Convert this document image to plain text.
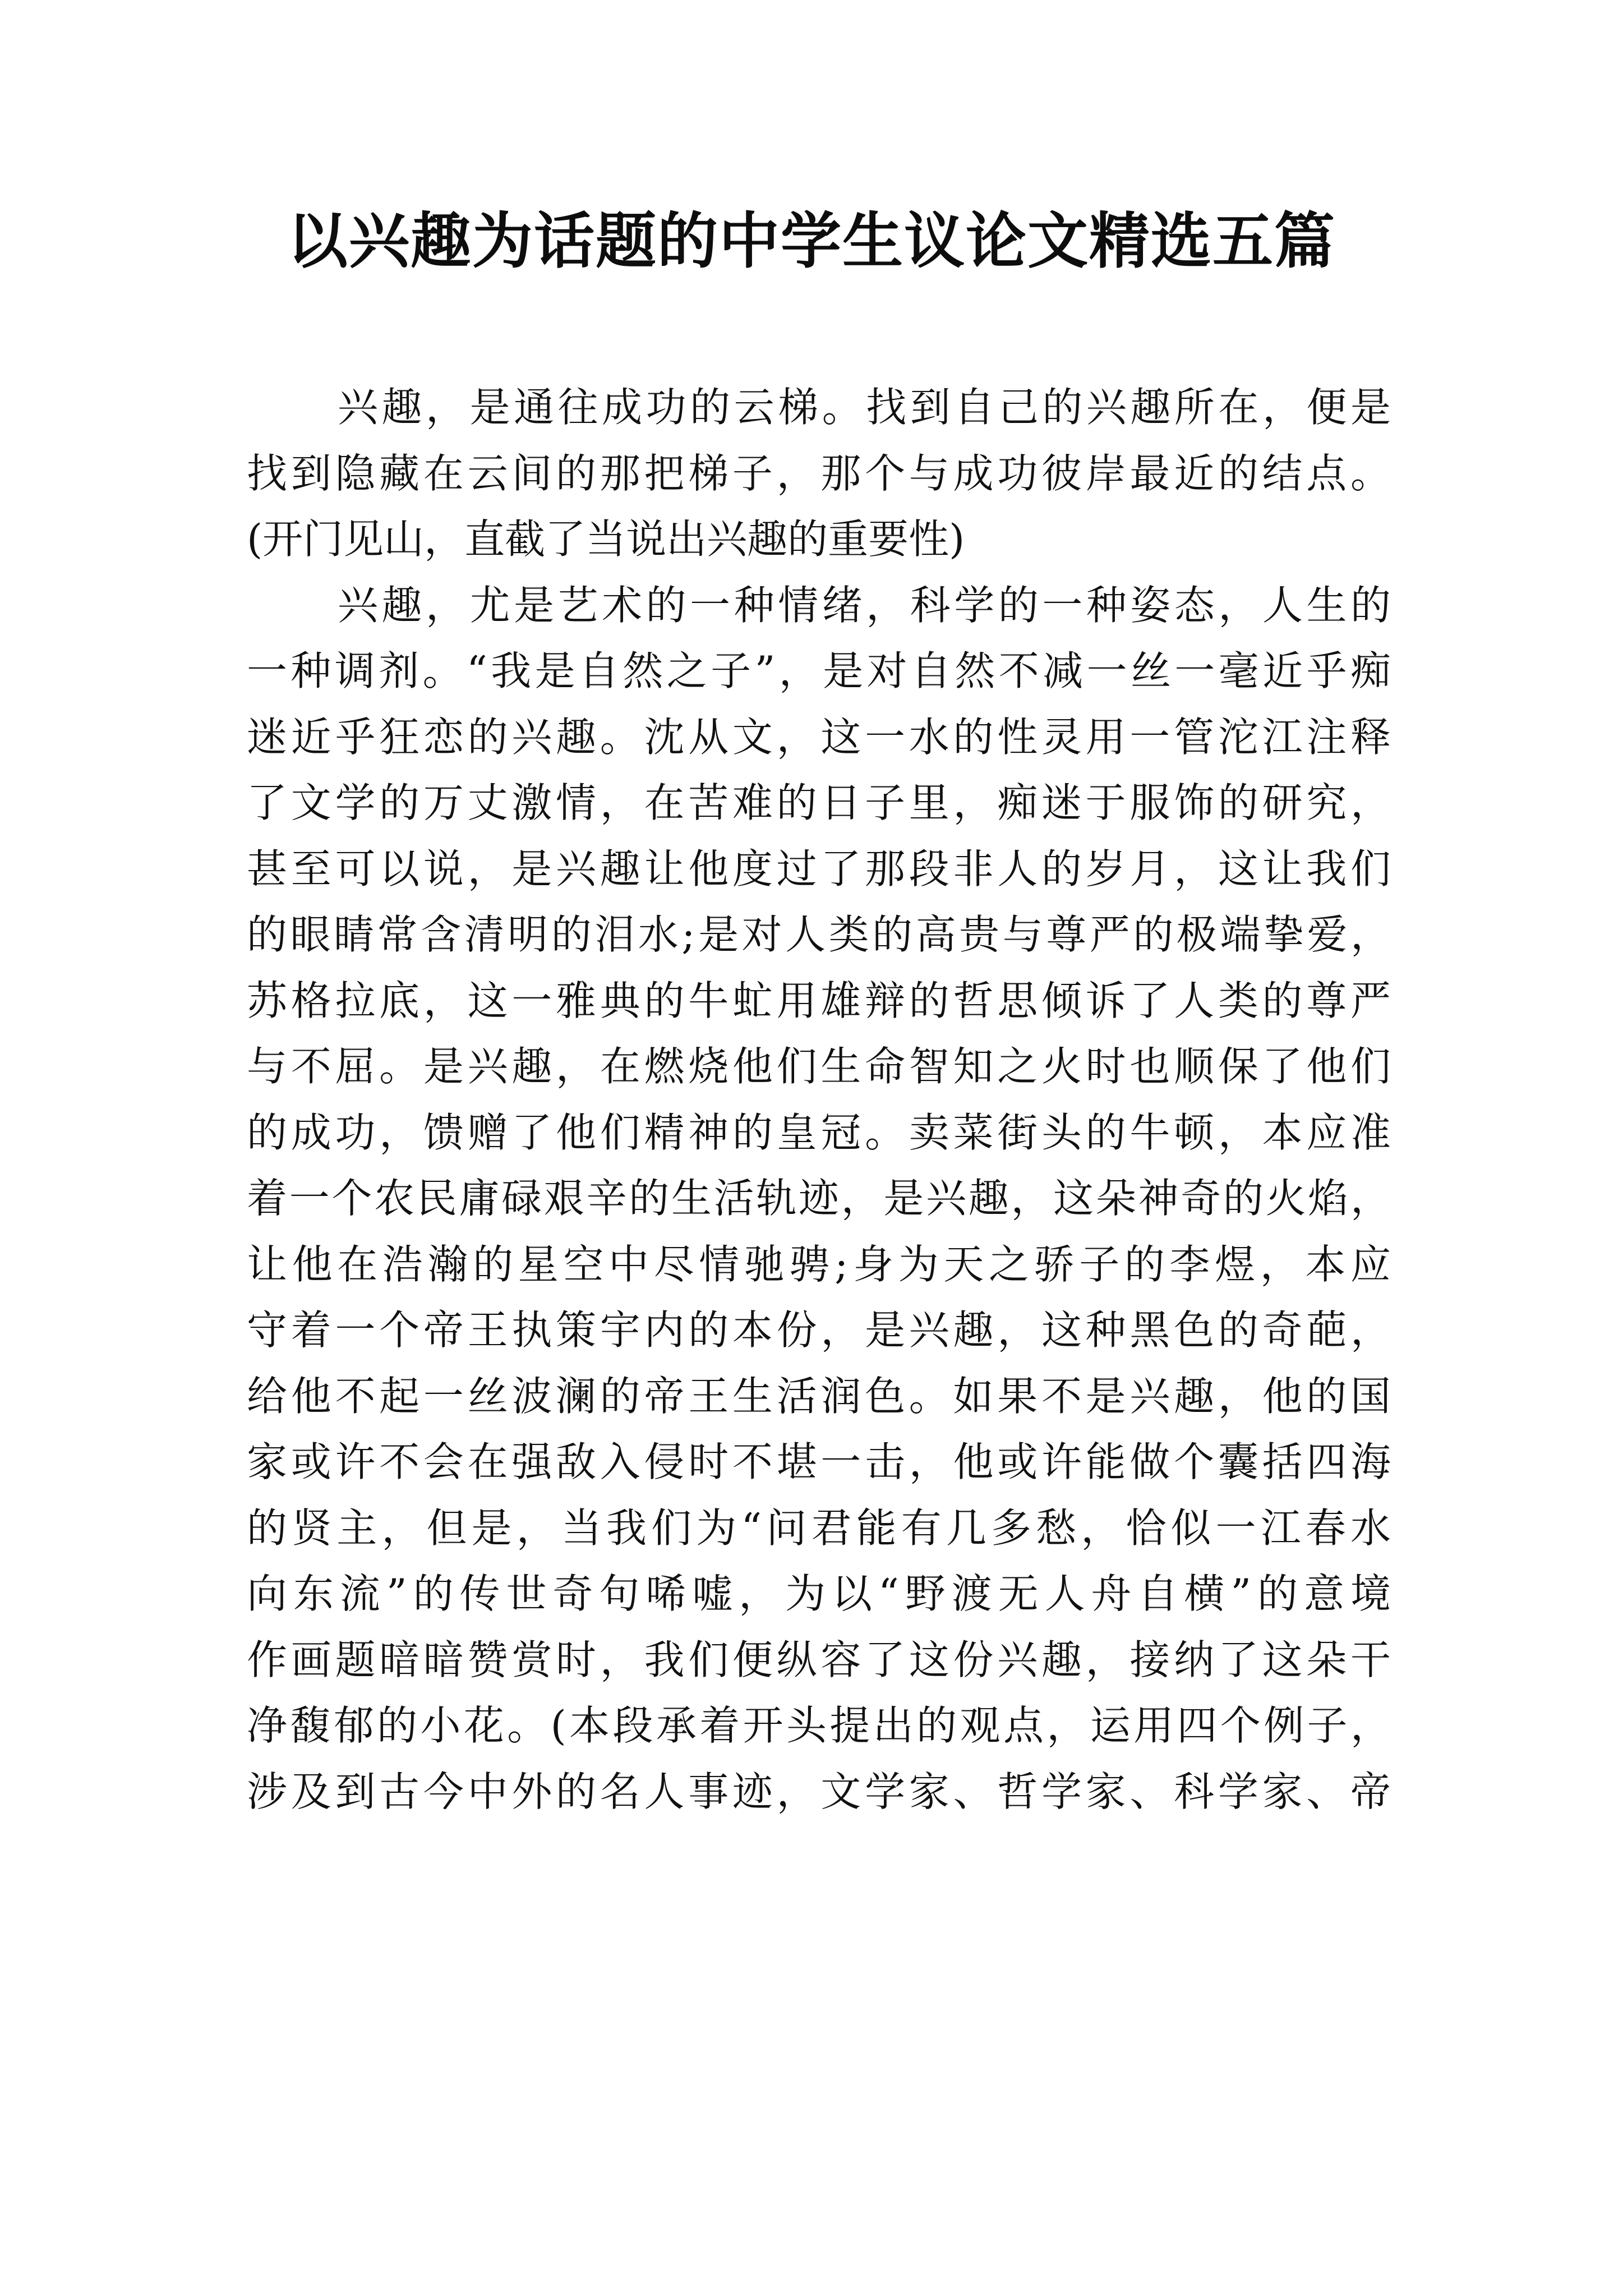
以兴趣为话题的中学生议论文精选五篇
兴趣，是通往成功的云梯。找到自己的兴趣所在，便是
找到隐藏在云间的那把梯子，那个与成功彼岸最近的结点。
(开门见山，直截了当说出兴趣的重要性)
兴趣，尤是艺术的一种情绪，科学的一种姿态，人生的
一种调剂。“我是自然之子”，是对自然不减一丝一毫近乎痴
迷近乎狂恋的兴趣。沈从文，这一水的性灵用一管沱江注释
了文学的万丈激情，在苦难的日子里，痴迷于服饰的研究，
甚至可以说，是兴趣让他度过了那段非人的岁月，这让我们
的眼睛常含清明的泪水;是对人类的高贵与尊严的极端挚爱，
苏格拉底，这一雅典的牛虻用雄辩的哲思倾诉了人类的尊严
与不屈。是兴趣，在燃烧他们生命智知之火时也顺保了他们
的成功，馈赠了他们精神的皇冠。卖菜街头的牛顿，本应准
着一个农民庸碌艰辛的生活轨迹，是兴趣，这朵神奇的火焰，
让他在浩瀚的星空中尽情驰骋;身为天之骄子的李煜，本应
守着一个帝王执策宇内的本份，是兴趣，这种黑色的奇葩，
给他不起一丝波澜的帝王生活润色。如果不是兴趣，他的国
家或许不会在强敌入侵时不堪一击，他或许能做个囊括四海
的贤主，但是，当我们为“问君能有几多愁，恰似一江春水
向东流”的传世奇句唏嘘，为以“野渡无人舟自横”的意境
作画题暗暗赞赏时，我们便纵容了这份兴趣，接纳了这朵干
净馥郁的小花。(本段承着开头提出的观点，运用四个例子，
涉及到古今中外的名人事迹，文学家、哲学家、科学家、帝
